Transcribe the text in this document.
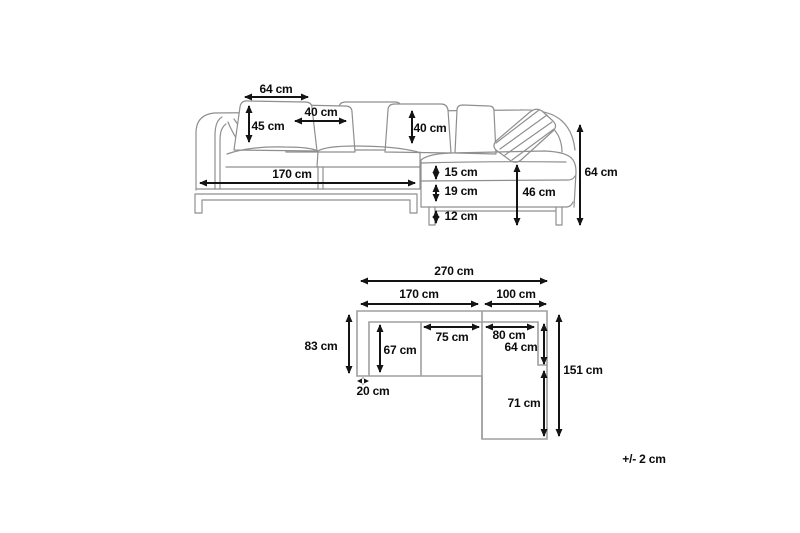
64 cm
45 cm
40 cm
40 cm
170 cm	15 cm
19 cm
12 cm
46 cm
64 cm
270 cm
170 cm	100 cm
83 cm	67 cm
75 cm 80 cm
64 cm
20 cm
151 cm
71 cm
+/- 2 cm
